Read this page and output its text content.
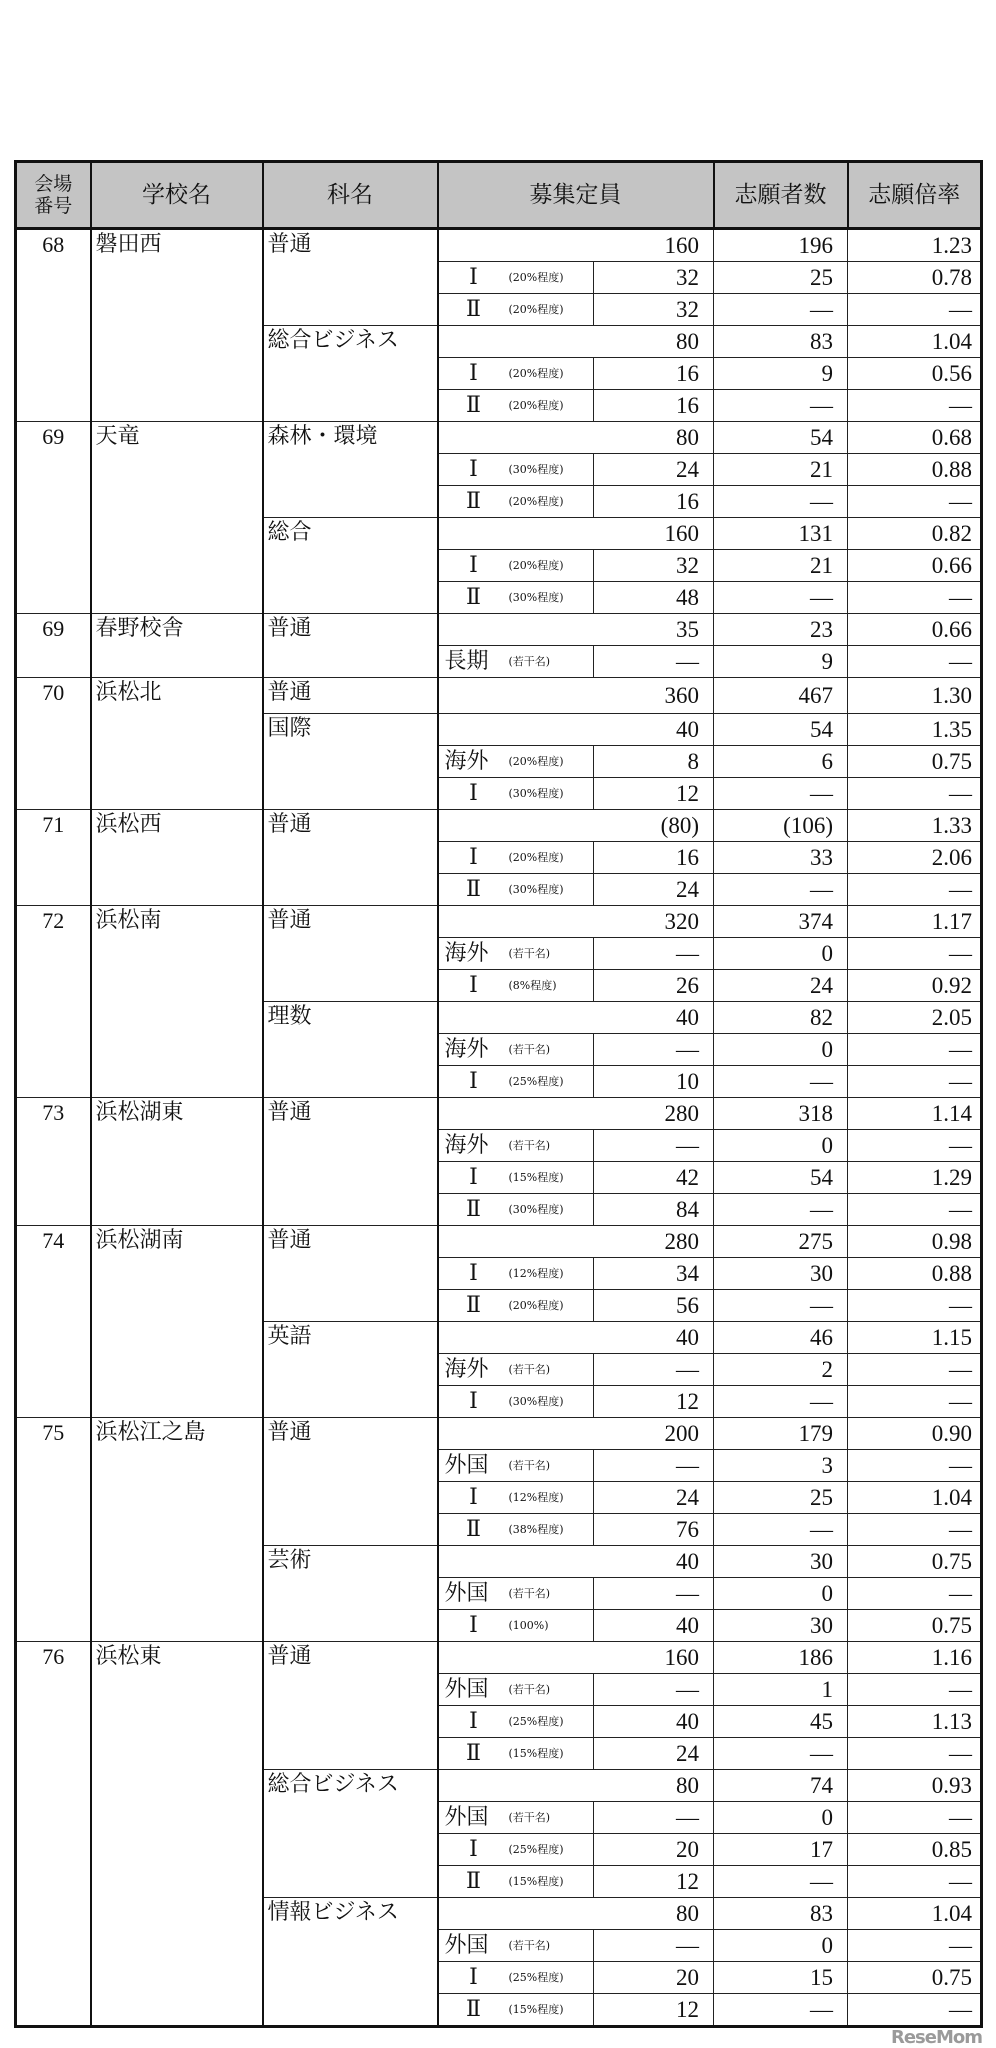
会場番号	学校名	科名	募集定員		志願者数	志願倍率
68	磐田西	普通	160		196	1.23

			Ⅰ (20%程度)	32	25	0.78

			Ⅱ (20%程度)	32	—	—
		総合ビジネス	80		83	1.04

			Ⅰ (20%程度)	16	9	0.56

			Ⅱ (20%程度)	16	—	—
69	天竜	森林・環境	80		54	0.68

			Ⅰ (30%程度)	24	21	0.88

			Ⅱ (20%程度)	16	—	—
		総合	160		131	0.82

			Ⅰ (20%程度)	32	21	0.66

			Ⅱ (30%程度)	48	—	—
69	春野校舎	普通	35		23	0.66

			長期 (若干名)	—	9	—
70	浜松北	普通	360		467	1.30
		国際	40		54	1.35

			海外 (20%程度)	8	6	0.75

			Ⅰ (30%程度)	12	—	—
71	浜松西	普通	(80)		(106)	1.33

			Ⅰ (20%程度)	16	33	2.06

			Ⅱ (30%程度)	24	—	—
72	浜松南	普通	320		374	1.17

			海外 (若干名)	—	0	—

			Ⅰ (8%程度)	26	24	0.92
		理数	40		82	2.05

			海外 (若干名)	—	0	—

			Ⅰ (25%程度)	10	—	—
73	浜松湖東	普通	280		318	1.14

			海外 (若干名)	—	0	—

			Ⅰ (15%程度)	42	54	1.29

			Ⅱ (30%程度)	84	—	—
74	浜松湖南	普通	280		275	0.98

			Ⅰ (12%程度)	34	30	0.88

			Ⅱ (20%程度)	56	—	—
		英語	40		46	1.15

			海外 (若干名)	—	2	—

			Ⅰ (30%程度)	12	—	—
75	浜松江之島	普通	200		179	0.90

			外国 (若干名)	—	3	—

			Ⅰ (12%程度)	24	25	1.04

			Ⅱ (38%程度)	76	—	—
		芸術	40		30	0.75

			外国 (若干名)	—	0	—

			Ⅰ (100%)	40	30	0.75
76	浜松東	普通	160		186	1.16

			外国 (若干名)	—	1	—

			Ⅰ (25%程度)	40	45	1.13

			Ⅱ (15%程度)	24	—	—
		総合ビジネス	80		74	0.93

			外国 (若干名)	—	0	—

			Ⅰ (25%程度)	20	17	0.85

			Ⅱ (15%程度)	12	—	—
		情報ビジネス	80		83	1.04

			外国 (若干名)	—	0	—

			Ⅰ (25%程度)	20	15	0.75

			Ⅱ (15%程度)	12	—	—
ReseMom
